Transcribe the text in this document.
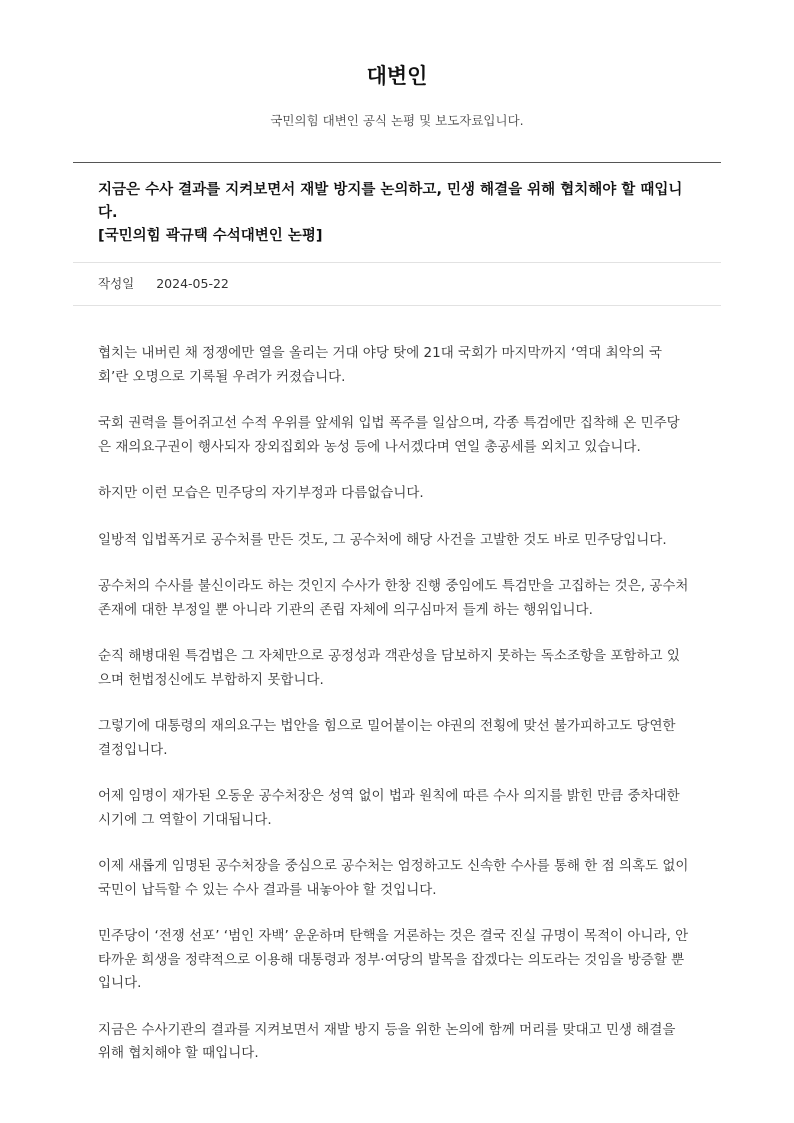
대변인
국민의힘 대변인 공식 논평 및 보도자료입니다.
지금은 수사 결과를 지켜보면서 재발 방지를 논의하고, 민생 해결을 위해 협치해야 할 때입니다.
[국민의힘 곽규택 수석대변인 논평]
작성일 2024-05-22

협치는 내버린 채 정쟁에만 열을 올리는 거대 야당 탓에 21대 국회가 마지막까지 ‘역대 최악의 국회’란 오명으로 기록될 우려가 커졌습니다.

국회 권력을 틀어쥐고선 수적 우위를 앞세워 입법 폭주를 일삼으며, 각종 특검에만 집착해 온 민주당은 재의요구권이 행사되자 장외집회와 농성 등에 나서겠다며 연일 총공세를 외치고 있습니다.

하지만 이런 모습은 민주당의 자기부정과 다름없습니다.

일방적 입법폭거로 공수처를 만든 것도, 그 공수처에 해당 사건을 고발한 것도 바로 민주당입니다.

공수처의 수사를 불신이라도 하는 것인지 수사가 한창 진행 중임에도 특검만을 고집하는 것은, 공수처 존재에 대한 부정일 뿐 아니라 기관의 존립 자체에 의구심마저 들게 하는 행위입니다.

순직 해병대원 특검법은 그 자체만으로 공정성과 객관성을 담보하지 못하는 독소조항을 포함하고 있으며 헌법정신에도 부합하지 못합니다.

그렇기에 대통령의 재의요구는 법안을 힘으로 밀어붙이는 야권의 전횡에 맞선 불가피하고도 당연한 결정입니다.

어제 임명이 재가된 오동운 공수처장은 성역 없이 법과 원칙에 따른 수사 의지를 밝힌 만큼 중차대한 시기에 그 역할이 기대됩니다.

이제 새롭게 임명된 공수처장을 중심으로 공수처는 엄정하고도 신속한 수사를 통해 한 점 의혹도 없이 국민이 납득할 수 있는 수사 결과를 내놓아야 할 것입니다.

민주당이 ‘전쟁 선포’ ‘범인 자백’ 운운하며 탄핵을 거론하는 것은 결국 진실 규명이 목적이 아니라, 안타까운 희생을 정략적으로 이용해 대통령과 정부·여당의 발목을 잡겠다는 의도라는 것임을 방증할 뿐입니다.

지금은 수사기관의 결과를 지켜보면서 재발 방지 등을 위한 논의에 함께 머리를 맞대고 민생 해결을 위해 협치해야 할 때입니다.
